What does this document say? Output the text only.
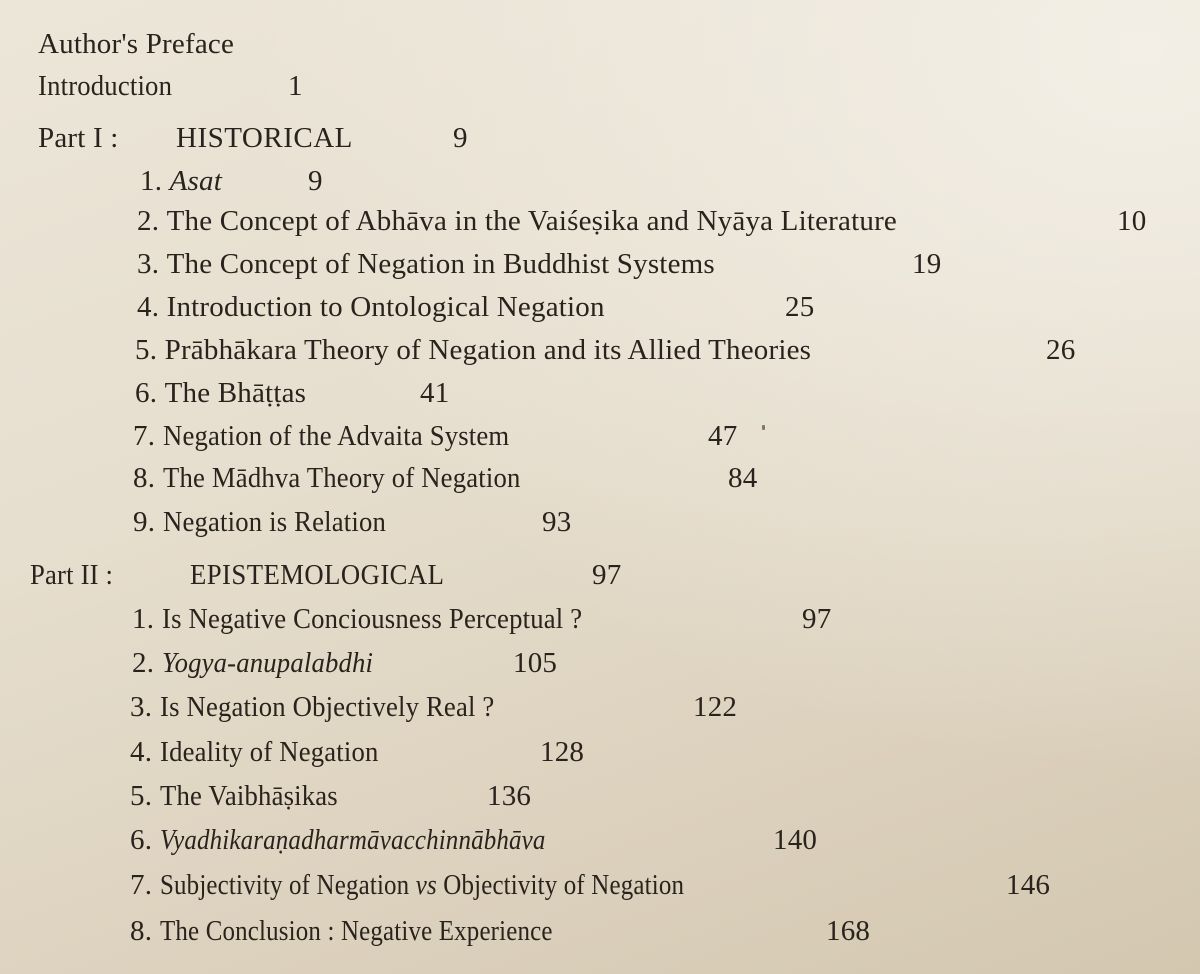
Author's Preface
Introduction	1
Part I : HISTORICAL	9
1. Asat	9
2. The Concept of Abhāva in the Vaiśeṣika and Nyāya Literature	10
3. The Concept of Negation in Buddhist Systems	19
4. Introduction to Ontological Negation	25
5. Prābhākara Theory of Negation and its Allied Theories	26
6. The Bhāṭṭas	41
7. Negation of the Advaita System	47
8. The Mādhva Theory of Negation	84
9. Negation is Relation	93
Part II :	EPISTEMOLOGICAL	97
1. Is Negative Conciousness Perceptual ?	97
2. Yogya-anupalabdhi	105
3. Is Negation Objectively Real ?	122
4. Ideality of Negation	128
5. The Vaibhāṣikas	136
6. Vyadhikaraṇadharmāvacchinnābhāva	140
7. Subjectivity of Negation vs Objectivity of Negation	146
8. The Conclusion : Negative Experience	168
